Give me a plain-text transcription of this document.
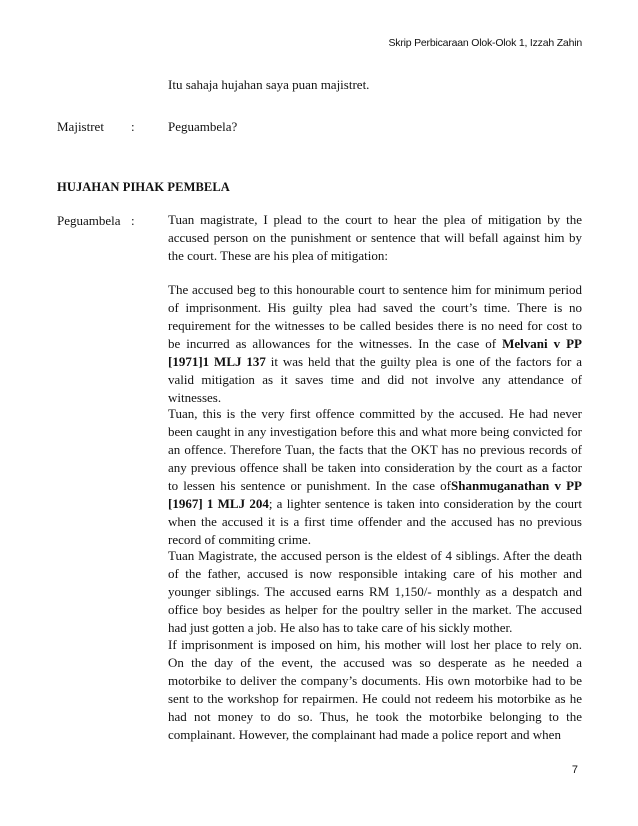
Skrip Perbicaraan Olok-Olok 1, Izzah Zahin
Itu sahaja hujahan saya puan majistret.
Majistret :	Peguambela?
HUJAHAN PIHAK PEMBELA
Peguambela :	Tuan magistrate, I plead to the court to hear the plea of mitigation by the accused person on the punishment or sentence that will befall against him by the court. These are his plea of mitigation:
The accused beg to this honourable court to sentence him for minimum period of imprisonment. His guilty plea had saved the court’s time. There is no requirement for the witnesses to be called besides there is no need for cost to be incurred as allowances for the witnesses. In the case of Melvani v PP [1971]1 MLJ 137 it was held that the guilty plea is one of the factors for a valid mitigation as it saves time and did not involve any attendance of witnesses.
Tuan, this is the very first offence committed by the accused. He had never been caught in any investigation before this and what more being convicted for an offence. Therefore Tuan, the facts that the OKT has no previous records of any previous offence shall be taken into consideration by the court as a factor to lessen his sentence or punishment. In the case ofShanmuganathan v PP [1967] 1 MLJ 204; a lighter sentence is taken into consideration by the court when the accused it is a first time offender and the accused has no previous record of commiting crime.
Tuan Magistrate, the accused person is the eldest of 4 siblings. After the death of the father, accused is now responsible intaking care of his mother and younger siblings. The accused earns RM 1,150/- monthly as a despatch and office boy besides as helper for the poultry seller in the market. The accused had just gotten a job. He also has to take care of his sickly mother.
If imprisonment is imposed on him, his mother will lost her place to rely on. On the day of the event, the accused was so desperate as he needed a motorbike to deliver the company’s documents. His own motorbike had to be sent to the workshop for repairmen. He could not redeem his motorbike as he had not money to do so. Thus, he took the motorbike belonging to the complainant. However, the complainant had made a police report and when
7
